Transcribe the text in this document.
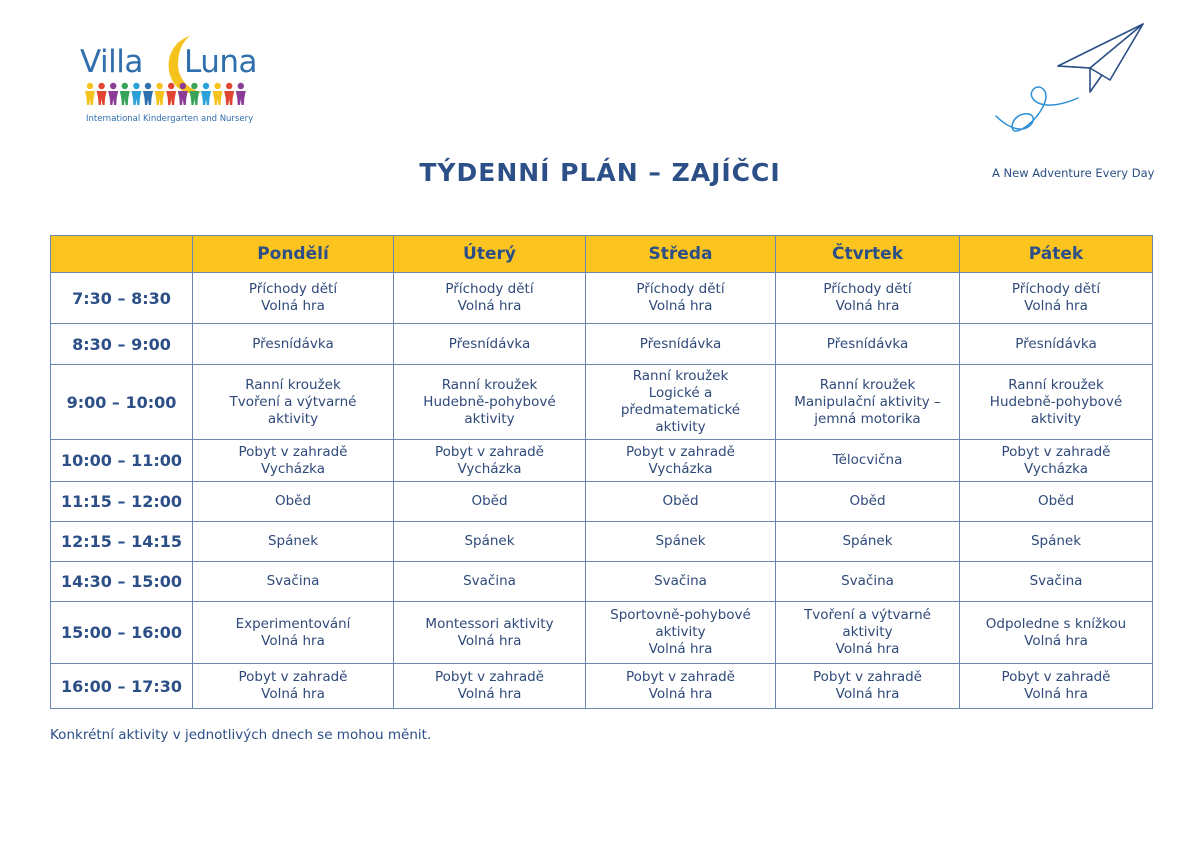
Villa Luna
International Kindergarten and Nursery
TÝDENNÍ PLÁN – ZAJÍČCI	A New Adventure Every Day
	Pondělí	Úterý	Středa	Čtvrtek	Pátek
7:30 – 8:30	Příchody dětí
Volná hra	Příchody dětí
Volná hra	Příchody dětí
Volná hra	Příchody dětí
Volná hra	Příchody dětí
Volná hra

8:30 – 9:00	Přesnídávka	Přesnídávka	Přesnídávka	Přesnídávka	Přesnídávka

9:00 – 10:00	Ranní kroužek
Tvoření a výtvarné
aktivity	Ranní kroužek
Hudebně-pohybové
aktivity	Ranní kroužek
Logické a
předmatematické
aktivity	Ranní kroužek
Manipulační aktivity –
jemná motorika	Ranní kroužek
Hudebně-pohybové
aktivity

10:00 – 11:00	Pobyt v zahradě
Vycházka	Pobyt v zahradě
Vycházka	Pobyt v zahradě
Vycházka	Tělocvična	Pobyt v zahradě
Vycházka

11:15 – 12:00	Oběd	Oběd	Oběd	Oběd	Oběd

12:15 – 14:15	Spánek	Spánek	Spánek	Spánek	Spánek

14:30 – 15:00	Svačina	Svačina	Svačina	Svačina	Svačina

15:00 – 16:00	Experimentování
Volná hra	Montessori aktivity
Volná hra	Sportovně-pohybové
aktivity
Volná hra	Tvoření a výtvarné
aktivity
Volná hra	Odpoledne s knížkou
Volná hra

16:00 – 17:30	Pobyt v zahradě
Volná hra	Pobyt v zahradě
Volná hra	Pobyt v zahradě
Volná hra	Pobyt v zahradě
Volná hra	Pobyt v zahradě
Volná hra
Konkrétní aktivity v jednotlivých dnech se mohou měnit.
